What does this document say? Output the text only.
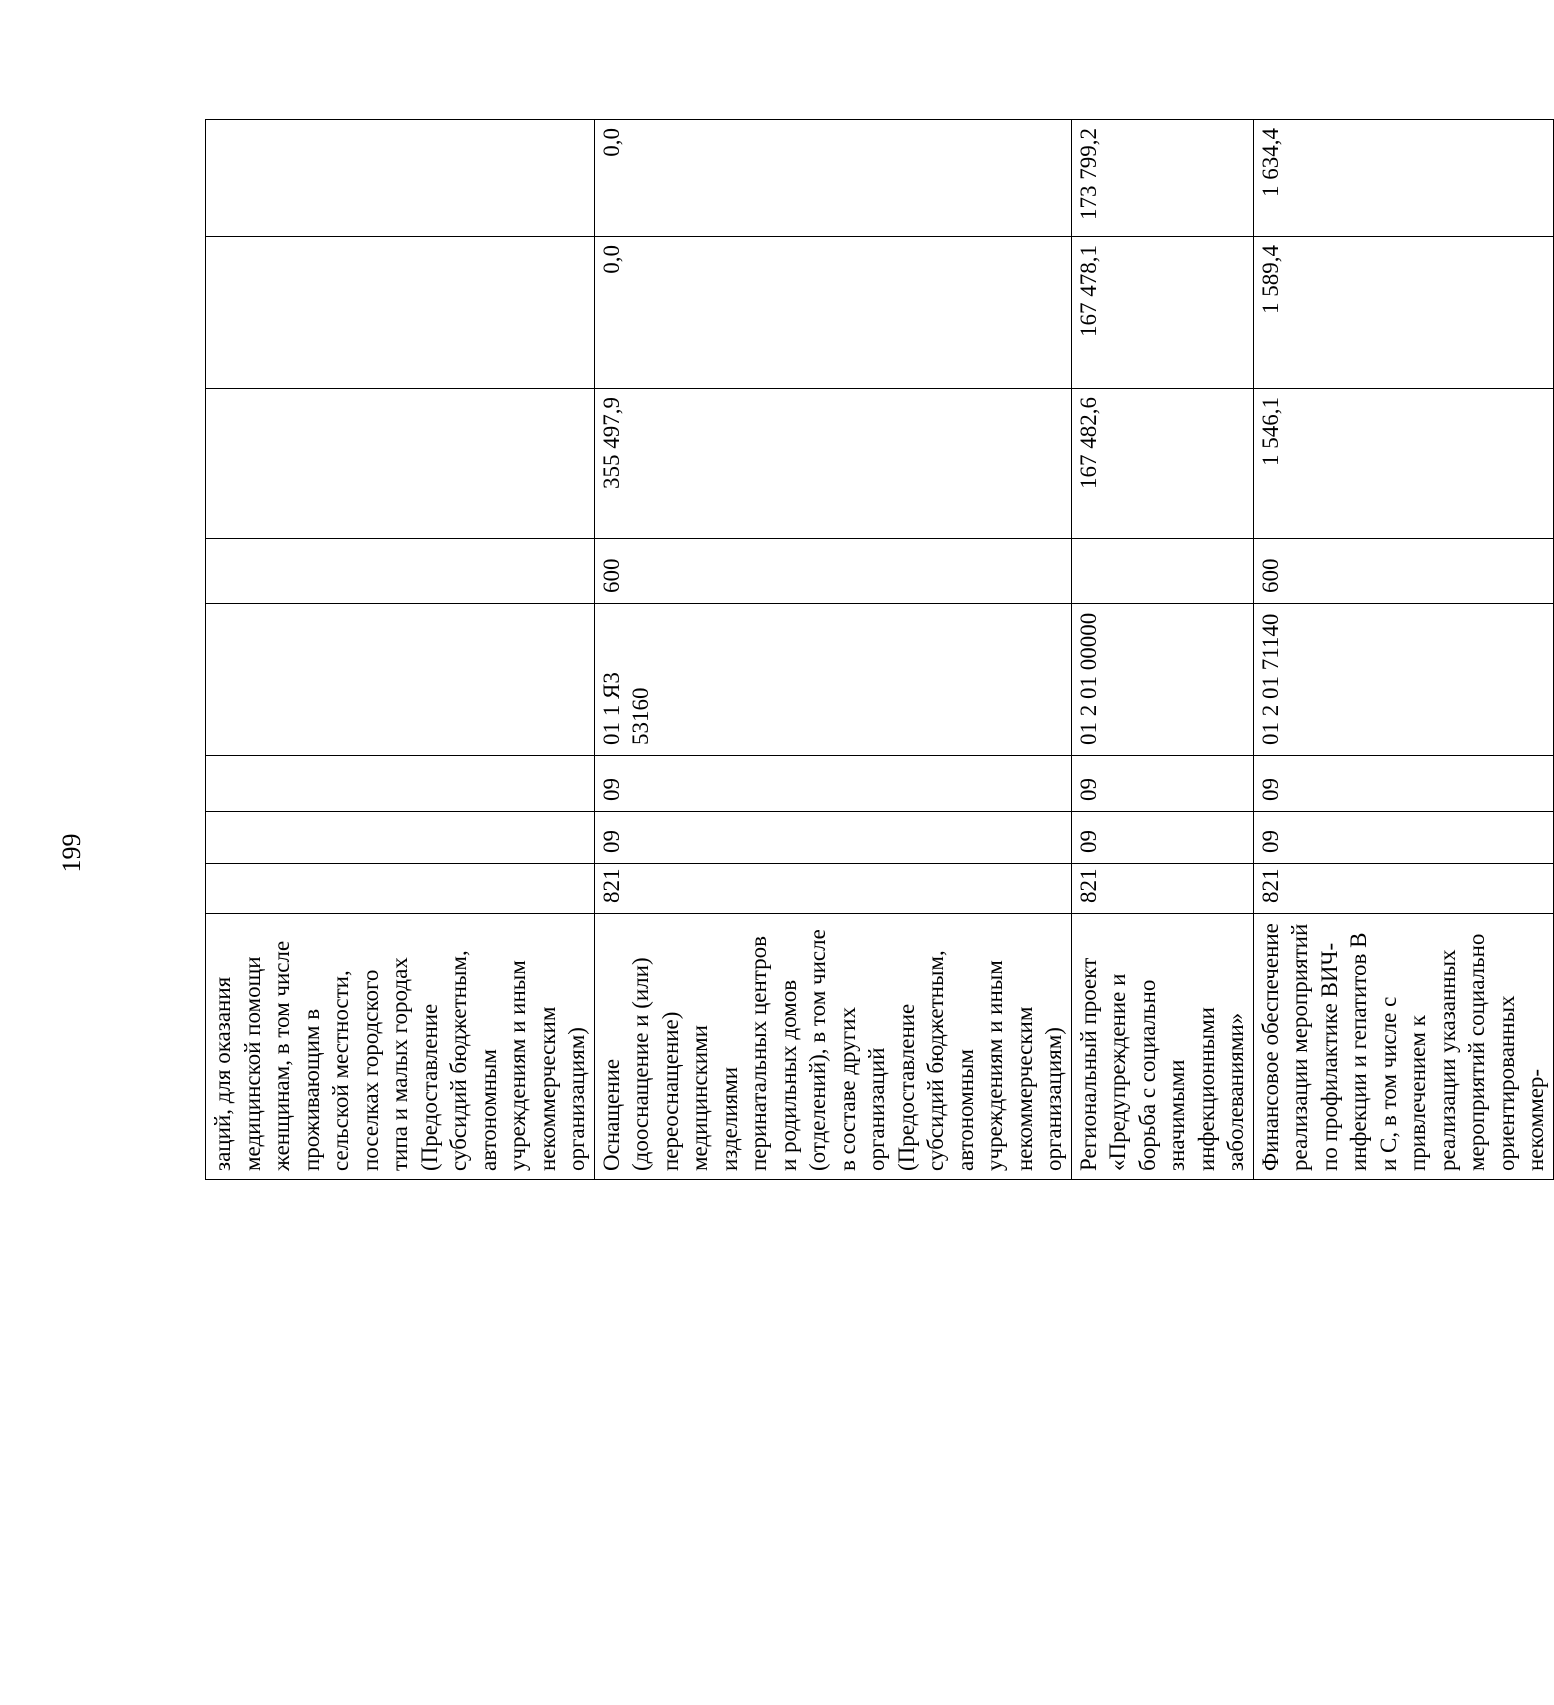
199
заций, для оказания медицинской помощи женщинам, в том числе проживающим в сельской местности, поселках городского типа и малых городах (Предоставление субсидий бюджетным, автономным учреждениям и иным некоммерческим организациям)								
Оснащение (дооснащение и (или) переоснащение) медицинскими изделиями перинатальных центров и родильных домов (отделений), в том числе в составе других организаций (Предоставление субсидий бюджетным, автономным учреждениям и иным некоммерческим организациям)	821	09	09	01 1 Я3 53160	600	355 497,9	0,0	0,0
Региональный проект «Предупреждение и борьба с социально значимыми инфекционными заболеваниями»	821	09	09	01 2 01 00000		167 482,6	167 478,1	173 799,2
Финансовое обеспечение реализации мероприятий по профилактике ВИЧ-инфекции и гепатитов В и С, в том числе с привлечением к реализации указанных мероприятий социально ориентированных некоммер-	821	09	09	01 2 01 71140	600	1 546,1	1 589,4	1 634,4
